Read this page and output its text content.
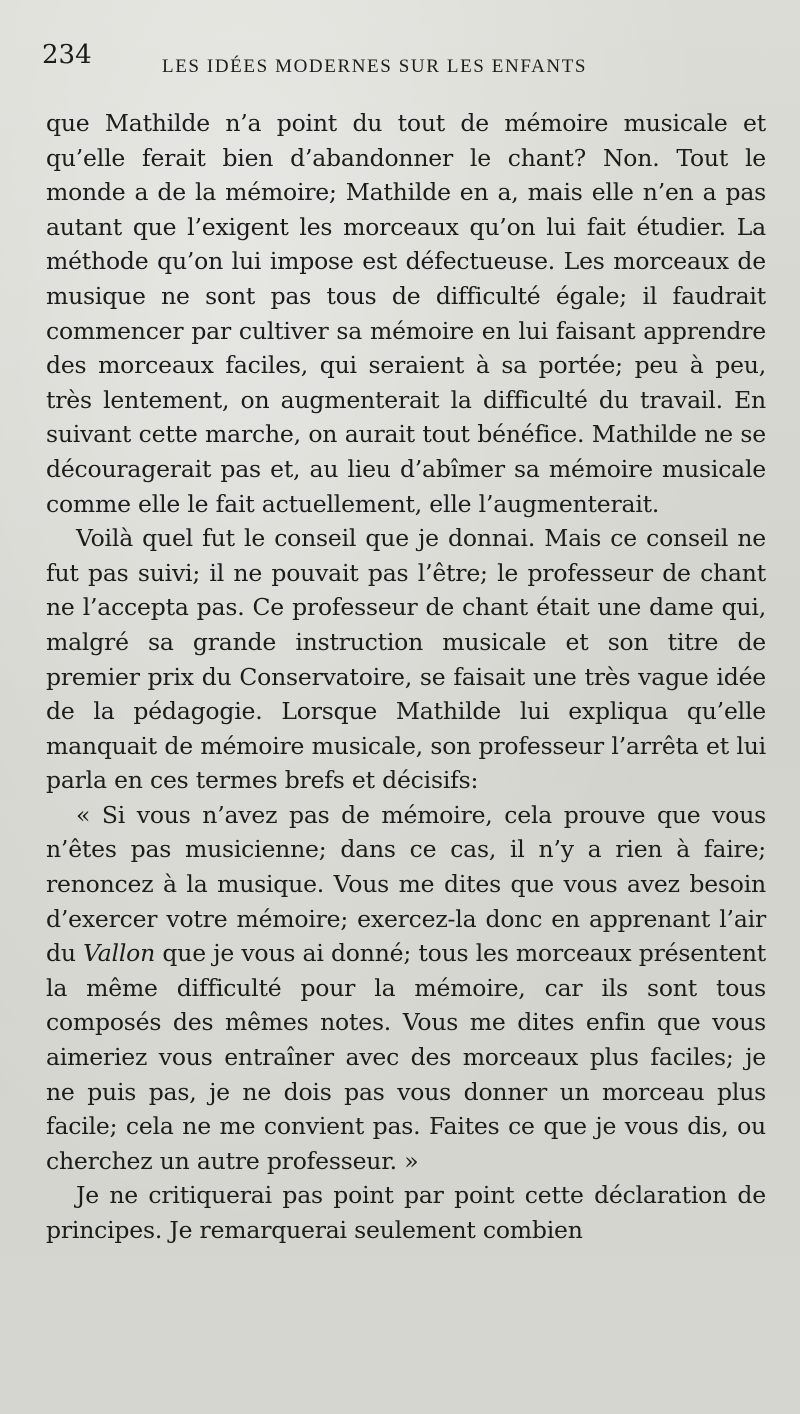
234	LES IDÉES MODERNES SUR LES ENFANTS

que Mathilde n’a point du tout de mémoire musicale et qu’elle ferait bien d’abandonner le chant? Non. Tout le monde a de la mémoire; Mathilde en a, mais elle n’en a pas autant que l’exigent les morceaux qu’on lui fait étudier. La méthode qu’on lui impose est défectueuse. Les morceaux de musique ne sont pas tous de difficulté égale; il faudrait commencer par cultiver sa mémoire en lui faisant apprendre des morceaux faciles, qui seraient à sa portée; peu à peu, très lentement, on augmenterait la difficulté du travail. En suivant cette marche, on aurait tout bénéfice. Mathilde ne se découragerait pas et, au lieu d’abîmer sa mémoire musicale comme elle le fait actuellement, elle l’augmenterait.

Voilà quel fut le conseil que je donnai. Mais ce conseil ne fut pas suivi; il ne pouvait pas l’être; le professeur de chant ne l’accepta pas. Ce professeur de chant était une dame qui, malgré sa grande instruction musicale et son titre de premier prix du Conservatoire, se faisait une très vague idée de la pédagogie. Lorsque Mathilde lui expliqua qu’elle manquait de mémoire musicale, son professeur l’arrêta et lui parla en ces termes brefs et décisifs:

« Si vous n’avez pas de mémoire, cela prouve que vous n’êtes pas musicienne; dans ce cas, il n’y a rien à faire; renoncez à la musique. Vous me dites que vous avez besoin d’exercer votre mémoire; exercez-la donc en apprenant l’air du Vallon que je vous ai donné; tous les morceaux présentent la même difficulté pour la mémoire, car ils sont tous composés des mêmes notes. Vous me dites enfin que vous aimeriez vous entraîner avec des morceaux plus faciles; je ne puis pas, je ne dois pas vous donner un morceau plus facile; cela ne me convient pas. Faites ce que je vous dis, ou cherchez un autre professeur. »

Je ne critiquerai pas point par point cette déclaration de principes. Je remarquerai seulement combien
